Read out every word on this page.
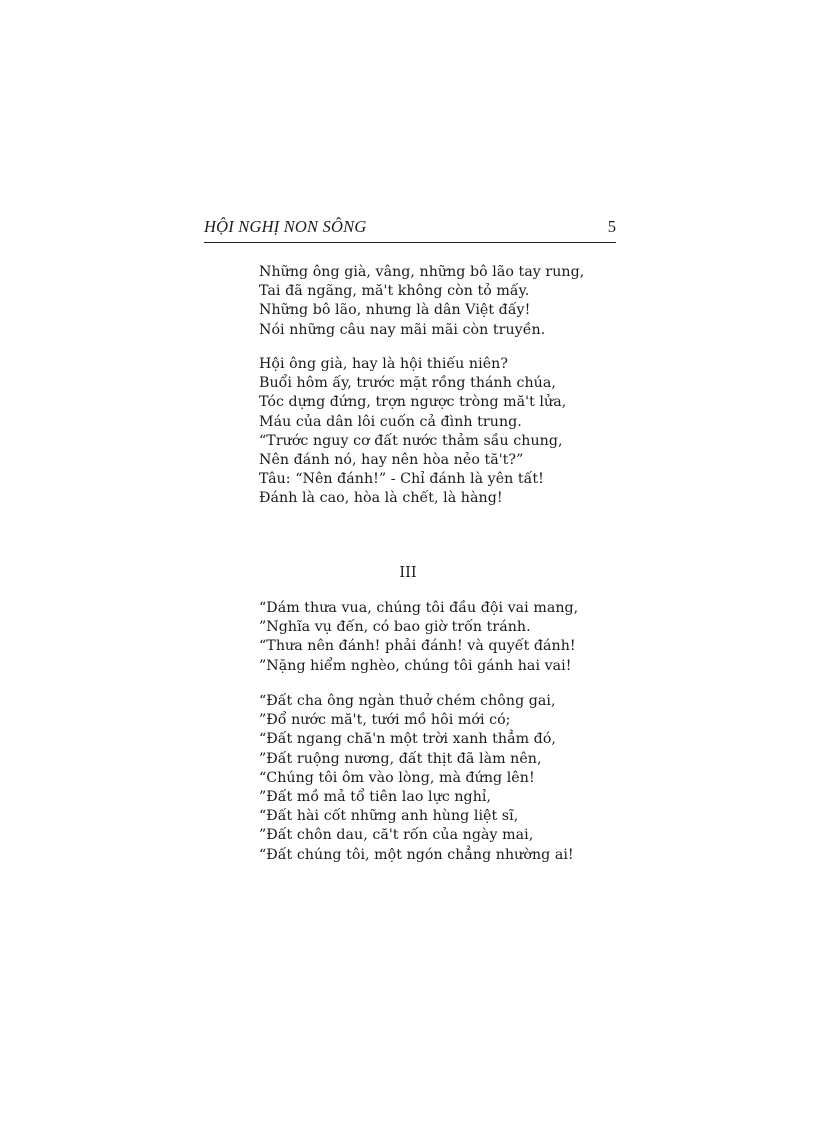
HỘI NGHỊ NON SÔNG	5
Những ông già, vâng, những bô lão tay rung,
Tai đã ngãng, mă't không còn tỏ mấy.
Những bô lão, nhưng là dân Việt đấy!
Nói những câu nay mãi mãi còn truyền.
Hội ông già, hay là hội thiếu niên?
Buổi hôm ấy, trước mặt rồng thánh chúa,
Tóc dựng đứng, trợn ngược tròng mă't lửa,
Máu của dân lôi cuốn cả đình trung.
“Trước nguy cơ đất nước thảm sầu chung,
Nên đánh nó, hay nên hòa nẻo tă't?”
Tâu: “Nên đánh!” - Chỉ đánh là yên tất!
Đánh là cao, hòa là chết, là hàng!
III
“Dám thưa vua, chúng tôi đầu đội vai mang,
”Nghĩa vụ đến, có bao giờ trốn tránh.
“Thưa nên đánh! phải đánh! và quyết đánh!
”Nặng hiểm nghèo, chúng tôi gánh hai vai!
“Đất cha ông ngàn thuở chém chông gai,
”Đổ nước mă't, tưới mồ hôi mới có;
“Đất ngang chă'n một trời xanh thẳm đó,
”Đất ruộng nương, đất thịt đã làm nên,
“Chúng tôi ôm vào lòng, mà đứng lên!
”Đất mồ mả tổ tiên lao lực nghỉ,
“Đất hài cốt những anh hùng liệt sĩ,
”Đất chôn dau, că't rốn của ngày mai,
“Đất chúng tôi, một ngón chẳng nhường ai!
